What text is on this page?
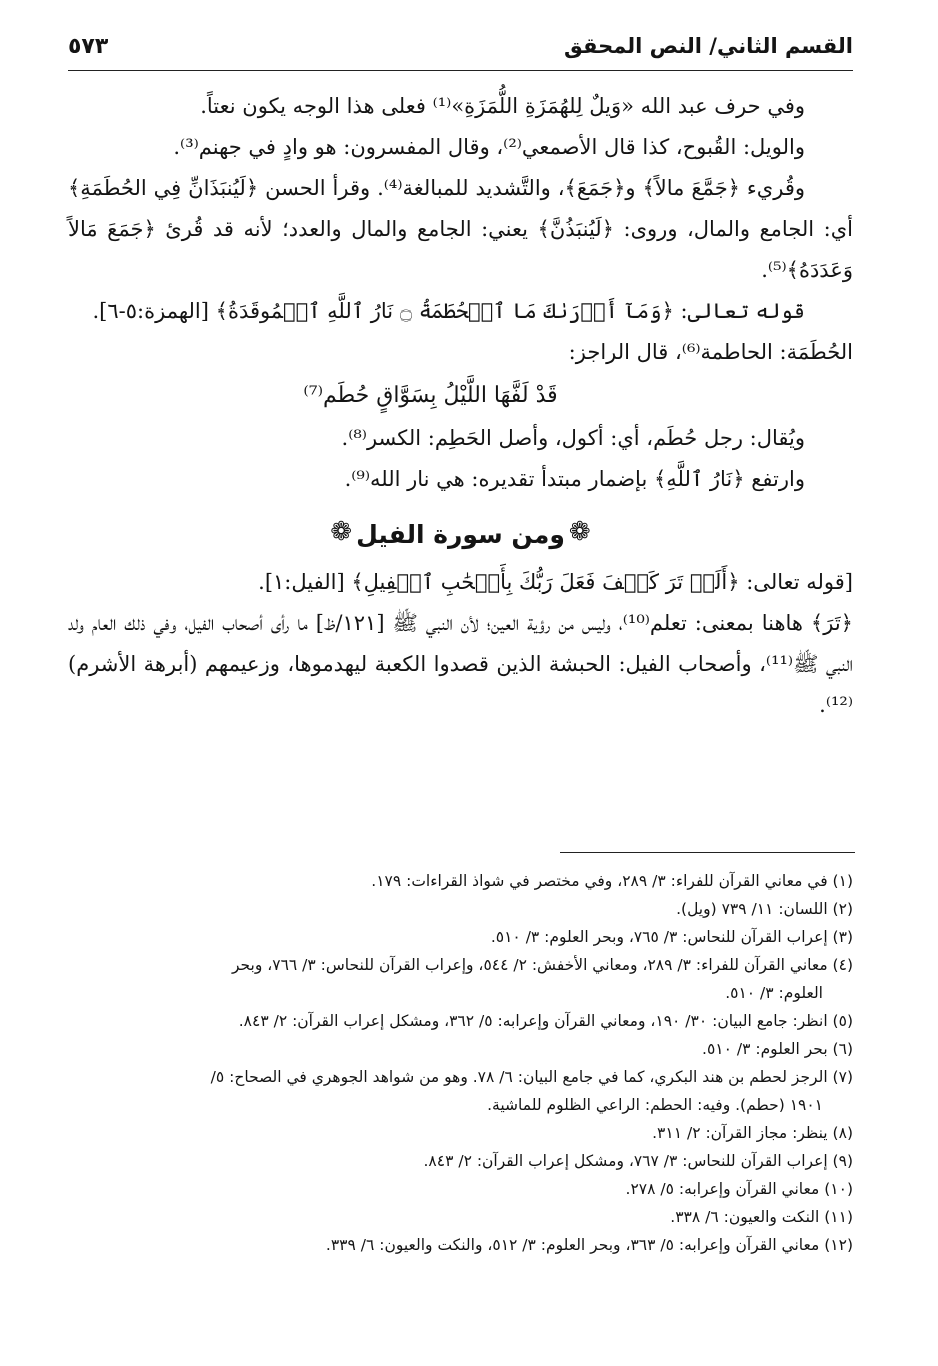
القسم الثاني/ النص المحقق
٥٧٣

وفي حرف عبد الله «وَيلٌ لِلهُمَزَةِ اللُّمَزَةِ»⁽¹⁾ فعلى هذا الوجه يكون نعتاً.

والويل: القُبوح، كذا قال الأصمعي⁽²⁾، وقال المفسرون: هو وادٍ في جهنم⁽³⁾.

وقُريء ﴿جَمَّعَ مالاً﴾ و﴿جَمَعَ﴾، والتَّشديد للمبالغة⁽⁴⁾. وقرأ الحسن ﴿لَيُنبَذَانِّ فِي الحُطَمَةِ﴾ أي: الجامع والمال، وروى: ﴿لَيُنبَذُنَّ﴾ يعني: الجامع والمال والعدد؛ لأنه قد قُرئ ﴿جَمَعَ مَالاً وَعَدَدَهُ﴾⁽⁵⁾.

قوله تعالى: ﴿وَمَآ أَدۡرَىٰكَ مَا ٱلۡحُطَمَةُ ۝ نَارُ ٱللَّهِ ٱلۡمُوقَدَةُ﴾ [الهمزة:٥-٦].

الحُطَمَة: الحاطمة⁽⁶⁾، قال الراجز:

قَدْ لَفَّهَا اللَّيْلُ بِسَوَّاقٍ حُطَم⁽⁷⁾

ويُقال: رجل حُطَم، أي: أكول، وأصل الحَطِم: الكسر⁽⁸⁾.

وارتفع ﴿نَارُ ٱللَّهِ﴾ بإضمار مبتدأ تقديره: هي نار الله⁽⁹⁾.

❁
ومن سورة الفيل
❁

[قوله تعالى: ﴿أَلَمۡ تَرَ كَيۡفَ فَعَلَ رَبُّكَ بِأَصۡحَٰبِ ٱلۡفِيلِ﴾ [الفيل:١].

﴿تَرَ﴾ هاهنا بمعنى: تعلم⁽¹⁰⁾، وليس من رؤية العين؛ لأن النبي ﷺ [١٢١/ظ] ما رأى أصحاب الفيل، وفي ذلك العام ولد النبي ﷺ⁽¹¹⁾، وأصحاب الفيل: الحبشة الذين قصدوا الكعبة ليهدموها، وزعيمهم (أبرهة الأشرم)⁽¹²⁾.

(١) في معاني القرآن للفراء: ٣/ ٢٨٩، وفي مختصر في شواذ القراءات: ١٧٩.

(٢) اللسان: ١١/ ٧٣٩ (ويل).

(٣) إعراب القرآن للنحاس: ٣/ ٧٦٥، وبحر العلوم: ٣/ ٥١٠.

(٤) معاني القرآن للفراء: ٣/ ٢٨٩، ومعاني الأخفش: ٢/ ٥٤٤، وإعراب القرآن للنحاس: ٣/ ٧٦٦، وبحر

العلوم: ٣/ ٥١٠.

(٥) انظر: جامع البيان: ٣٠/ ١٩٠، ومعاني القرآن وإعرابه: ٥/ ٣٦٢، ومشكل إعراب القرآن: ٢/ ٨٤٣.

(٦) بحر العلوم: ٣/ ٥١٠.

(٧) الرجز لحطم بن هند البكري، كما في جامع البيان: ٦/ ٧٨. وهو من شواهد الجوهري في الصحاح: ٥/

١٩٠١ (حطم). وفيه: الحطم: الراعي الظلوم للماشية.

(٨) ينظر: مجاز القرآن: ٢/ ٣١١.

(٩) إعراب القرآن للنحاس: ٣/ ٧٦٧، ومشكل إعراب القرآن: ٢/ ٨٤٣.

(١٠) معاني القرآن وإعرابه: ٥/ ٢٧٨.

(١١) النكت والعيون: ٦/ ٣٣٨.

(١٢) معاني القرآن وإعرابه: ٥/ ٣٦٣، وبحر العلوم: ٣/ ٥١٢، والنكت والعيون: ٦/ ٣٣٩.
